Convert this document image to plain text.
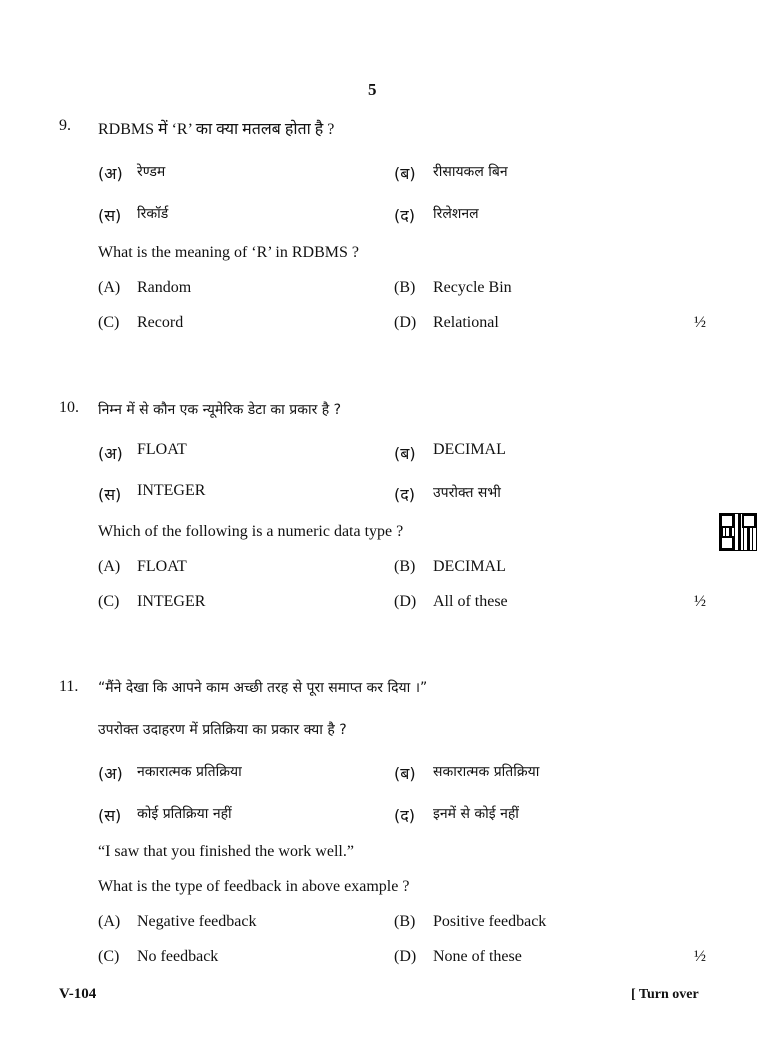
5
9. RDBMS में ‘R’ का क्या मतलब होता है ?
(अ) रेण्डम	(ब) रीसायकल बिन
(स) रिकॉर्ड	(द) रिलेशनल
What is the meaning of ‘R’ in RDBMS ?
(A) Random	(B) Recycle Bin
(C) Record	(D) Relational	½
10. निम्न में से कौन एक न्यूमेरिक डेटा का प्रकार है ?
(अ) FLOAT	(ब) DECIMAL
(स) INTEGER	(द) उपरोक्त सभी
Which of the following is a numeric data type ?
(A) FLOAT	(B) DECIMAL
(C) INTEGER	(D) All of these	½
11. “मैंने देखा कि आपने काम अच्छी तरह से पूरा समाप्त कर दिया ।”
उपरोक्त उदाहरण में प्रतिक्रिया का प्रकार क्या है ?
(अ) नकारात्मक प्रतिक्रिया	(ब) सकारात्मक प्रतिक्रिया
(स) कोई प्रतिक्रिया नहीं	(द) इनमें से कोई नहीं
“I saw that you finished the work well.”
What is the type of feedback in above example ?
(A) Negative feedback	(B) Positive feedback
(C) No feedback	(D) None of these	½
V-104	[ Turn over
